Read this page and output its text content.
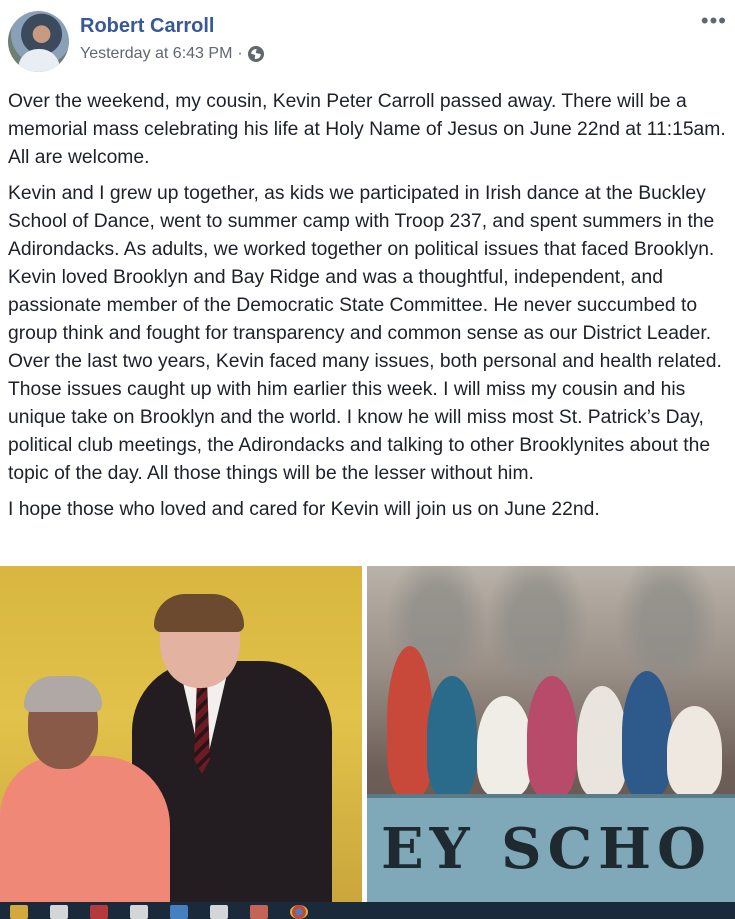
Robert Carroll
Yesterday at 6:43 PM ·
•••

Over the weekend, my cousin, Kevin Peter Carroll passed away. There will be a memorial mass celebrating his life at Holy Name of Jesus on June 22nd at 11:15am. All are welcome.

Kevin and I grew up together, as kids we participated in Irish dance at the Buckley School of Dance, went to summer camp with Troop 237, and spent summers in the Adirondacks. As adults, we worked together on political issues that faced Brooklyn. Kevin loved Brooklyn and Bay Ridge and was a thoughtful, independent, and passionate member of the Democratic State Committee. He never succumbed to group think and fought for transparency and common sense as our District Leader. Over the last two years, Kevin faced many issues, both personal and health related. Those issues caught up with him earlier this week. I will miss my cousin and his unique take on Brooklyn and the world. I know he will miss most St. Patrick’s Day, political club meetings, the Adirondacks and talking to other Brooklynites about the topic of the day. All those things will be the lesser without him.

I hope those who loved and cared for Kevin will join us on June 22nd.

EY SCHO
